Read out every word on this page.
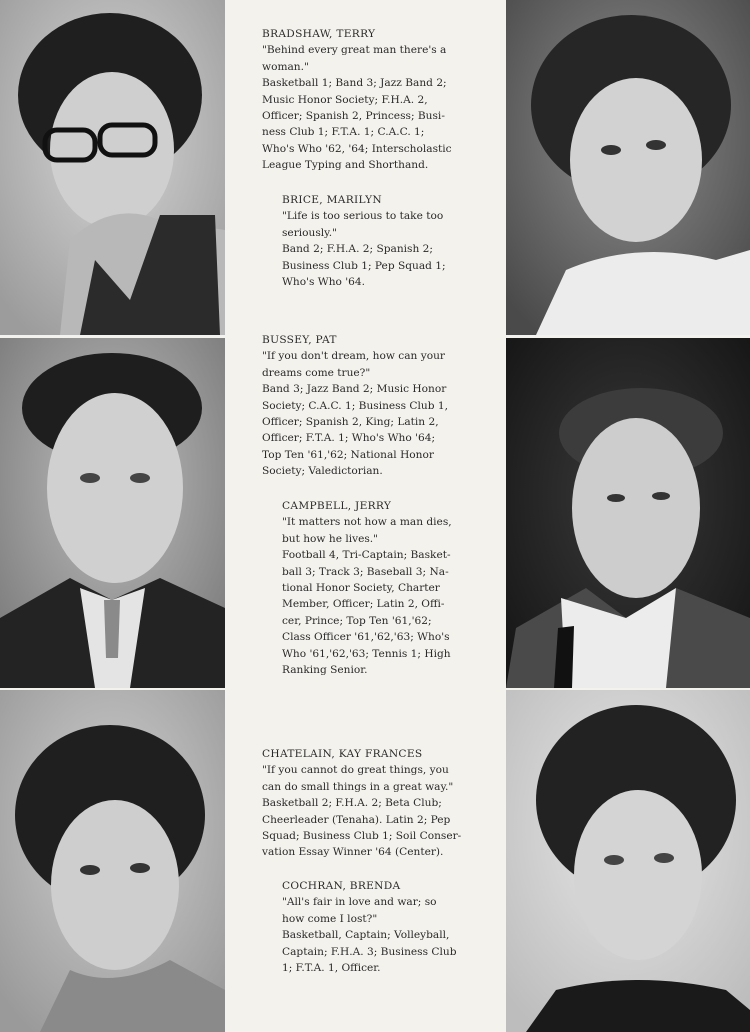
BRADSHAW, TERRY

"Behind every great man there's a

woman."

Basketball 1; Band 3; Jazz Band 2;

Music Honor Society; F.H.A. 2,

Officer; Spanish 2, Princess; Busi-

ness Club 1; F.T.A. 1; C.A.C. 1;

Who's Who '62, '64; Interscholastic

League Typing and Shorthand.

BRICE, MARILYN

"Life is too serious to take too

seriously."

Band 2; F.H.A. 2; Spanish 2;

Business Club 1; Pep Squad 1;

Who's Who '64.

BUSSEY, PAT

"If you don't dream, how can your

dreams come true?"

Band 3; Jazz Band 2; Music Honor

Society; C.A.C. 1; Business Club 1,

Officer; Spanish 2, King; Latin 2,

Officer; F.T.A. 1; Who's Who '64;

Top Ten '61,'62; National Honor

Society; Valedictorian.

CAMPBELL, JERRY

"It matters not how a man dies,

but how he lives."

Football 4, Tri-Captain; Basket-

ball 3; Track 3; Baseball 3; Na-

tional Honor Society, Charter

Member, Officer; Latin 2, Offi-

cer, Prince; Top Ten '61,'62;

Class Officer '61,'62,'63; Who's

Who '61,'62,'63; Tennis 1; High

Ranking Senior.

CHATELAIN, KAY FRANCES

"If you cannot do great things, you

can do small things in a great way."

Basketball 2; F.H.A. 2; Beta Club;

Cheerleader (Tenaha). Latin 2; Pep

Squad; Business Club 1; Soil Conser-

vation Essay Winner '64 (Center).

COCHRAN, BRENDA

"All's fair in love and war; so

how come I lost?"

Basketball, Captain; Volleyball,

Captain; F.H.A. 3; Business Club

1; F.T.A. 1, Officer.
